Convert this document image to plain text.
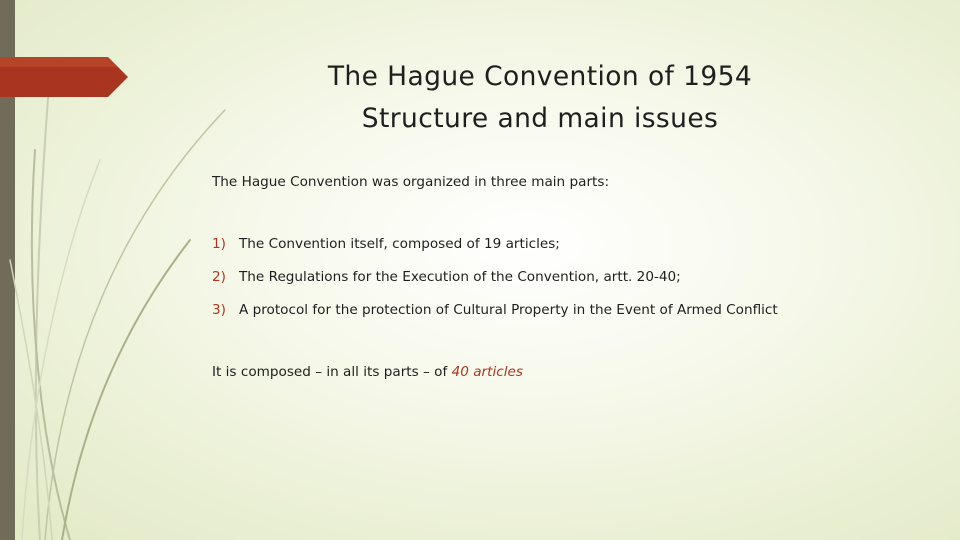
The Hague Convention of 1954
Structure and main issues
The Hague Convention was organized in three main parts:
1) The Convention itself, composed of 19 articles;
2) The Regulations for the Execution of the Convention, artt. 20-40;
3) A protocol for the protection of Cultural Property in the Event of Armed Conflict
It is composed – in all its parts – of 40 articles
